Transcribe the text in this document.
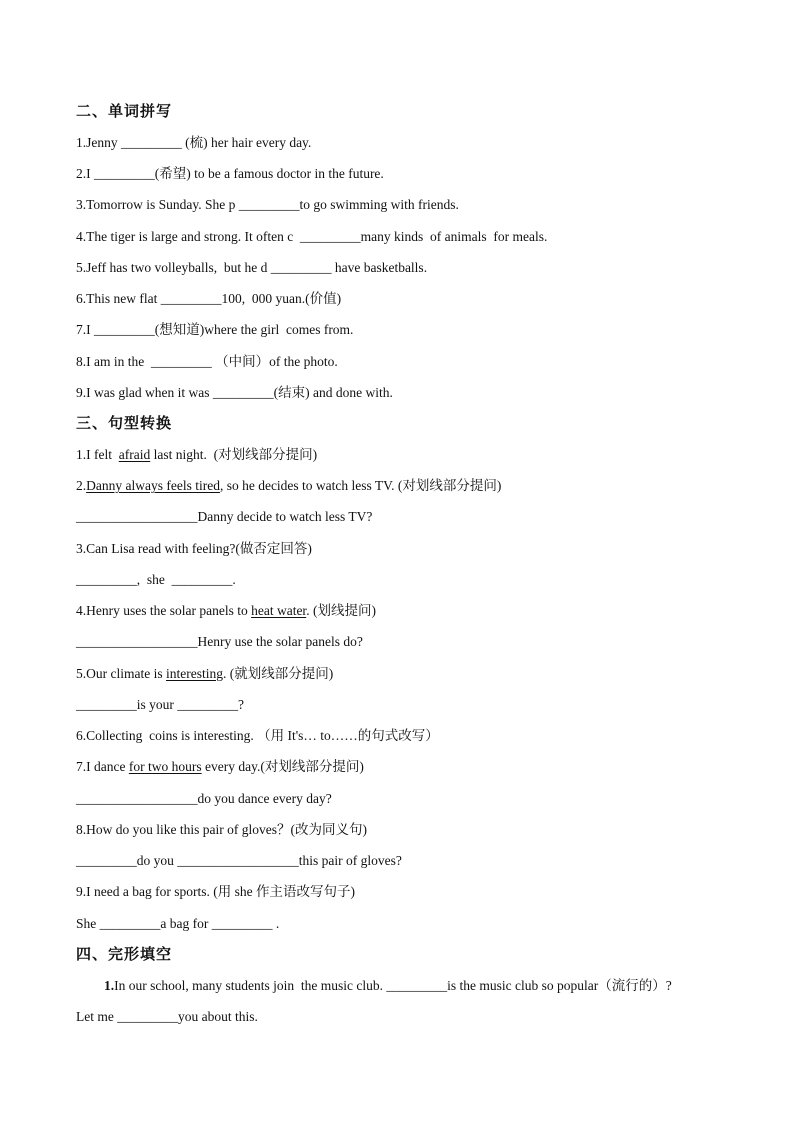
二、单词拼写
1.Jenny _________ (梳) her hair every day.
2.I _________(希望) to be a famous doctor in the future.
3.Tomorrow is Sunday. She p _________to go swimming with friends.
4.The tiger is large and strong. It often c  _________many kinds  of animals  for meals.
5.Jeff has two volleyballs,  but he d _________ have basketballs.
6.This new flat _________100,  000 yuan.(价值)
7.I _________(想知道)where the girl  comes from.
8.I am in the  _________ （中间）of the photo.
9.I was glad when it was _________(结束) and done with.
三、句型转换
1.I felt  afraid last night.  (对划线部分提问)
2.Danny always feels tired, so he decides to watch less TV. (对划线部分提问)
__________________Danny decide to watch less TV?
3.Can Lisa read with feeling?(做否定回答)
_________,  she  _________.
4.Henry uses the solar panels to heat water. (划线提问)
__________________Henry use the solar panels do?
5.Our climate is interesting. (就划线部分提问)
_________is your _________?
6.Collecting  coins is interesting. （用 It's… to……的句式改写）
7.I dance for two hours every day.(对划线部分提问)
__________________do you dance every day?
8.How do you like this pair of gloves？(改为同义句)
_________do you __________________this pair of gloves?
9.I need a bag for sports. (用 she 作主语改写句子)
She _________a bag for _________ .
四、完形填空
1.In our school, many students join  the music club. _________is the music club so popular（流行的）?
Let me _________you about this.
